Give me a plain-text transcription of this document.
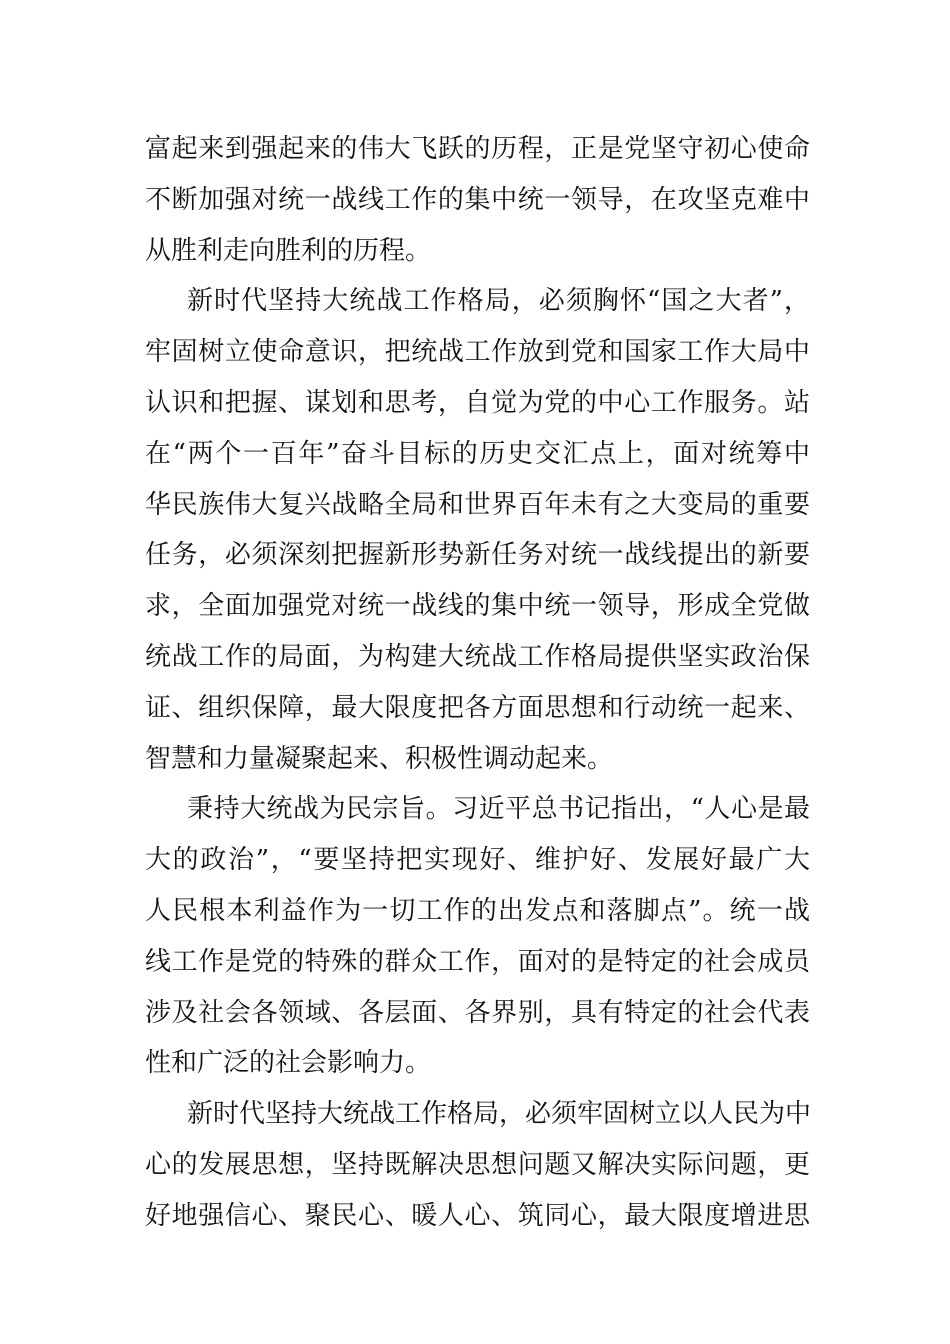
富起来到强起来的伟大飞跃的历程，正是党坚守初心使命
不断加强对统一战线工作的集中统一领导，在攻坚克难中
从胜利走向胜利的历程。
新时代坚持大统战工作格局，必须胸怀“国之大者”，
牢固树立使命意识，把统战工作放到党和国家工作大局中
认识和把握、谋划和思考，自觉为党的中心工作服务。站
在“两个一百年”奋斗目标的历史交汇点上，面对统筹中
华民族伟大复兴战略全局和世界百年未有之大变局的重要
任务，必须深刻把握新形势新任务对统一战线提出的新要
求，全面加强党对统一战线的集中统一领导，形成全党做
统战工作的局面，为构建大统战工作格局提供坚实政治保
证、组织保障，最大限度把各方面思想和行动统一起来、
智慧和力量凝聚起来、积极性调动起来。
秉持大统战为民宗旨。习近平总书记指出，“人心是最
大的政治”，“要坚持把实现好、维护好、发展好最广大
人民根本利益作为一切工作的出发点和落脚点”。统一战
线工作是党的特殊的群众工作，面对的是特定的社会成员
涉及社会各领域、各层面、各界别，具有特定的社会代表
性和广泛的社会影响力。
新时代坚持大统战工作格局，必须牢固树立以人民为中
心的发展思想，坚持既解决思想问题又解决实际问题，更
好地强信心、聚民心、暖人心、筑同心，最大限度增进思
